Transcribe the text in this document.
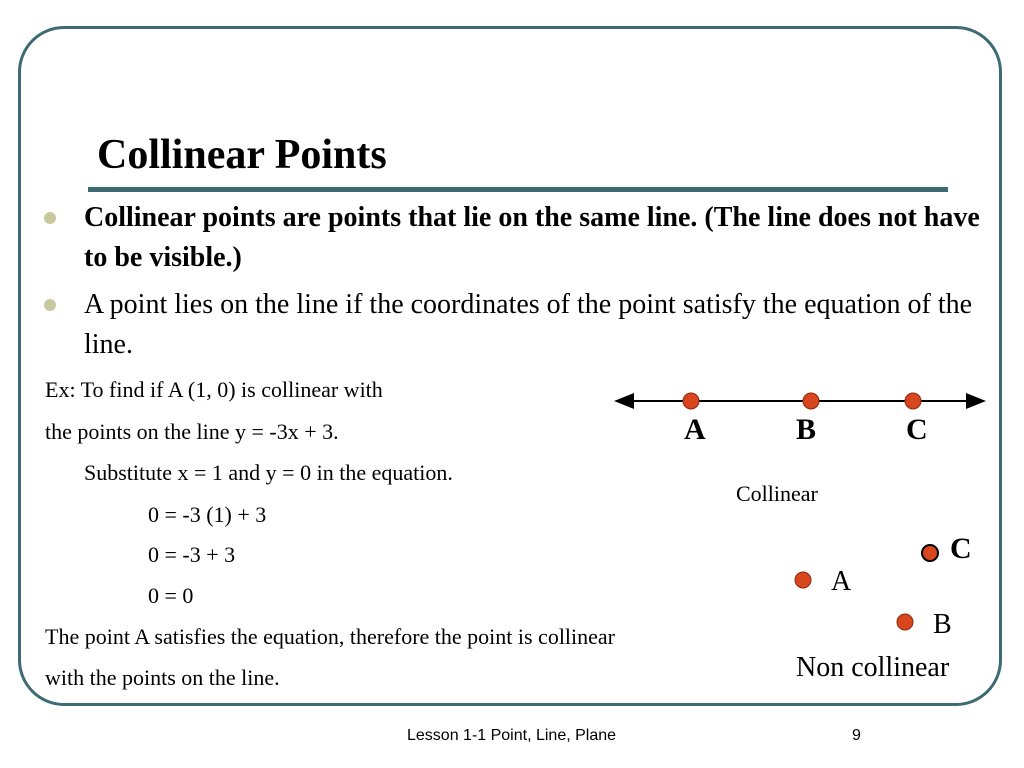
Collinear Points
Collinear points are points that lie on the same line. (The line does not have to be visible.)
A point lies on the line if the coordinates of the point satisfy the equation of the line.
Ex: To find if A (1, 0) is collinear with
the points on the line y = -3x + 3.
Substitute x = 1 and y = 0 in the equation.
0 = -3 (1) + 3
0 = -3 + 3
0 = 0
The point A satisfies the equation, therefore the point is collinear
with the points on the line.
A	B	C
Collinear
C
A
B
Non collinear
Lesson 1-1 Point, Line, Plane	9
